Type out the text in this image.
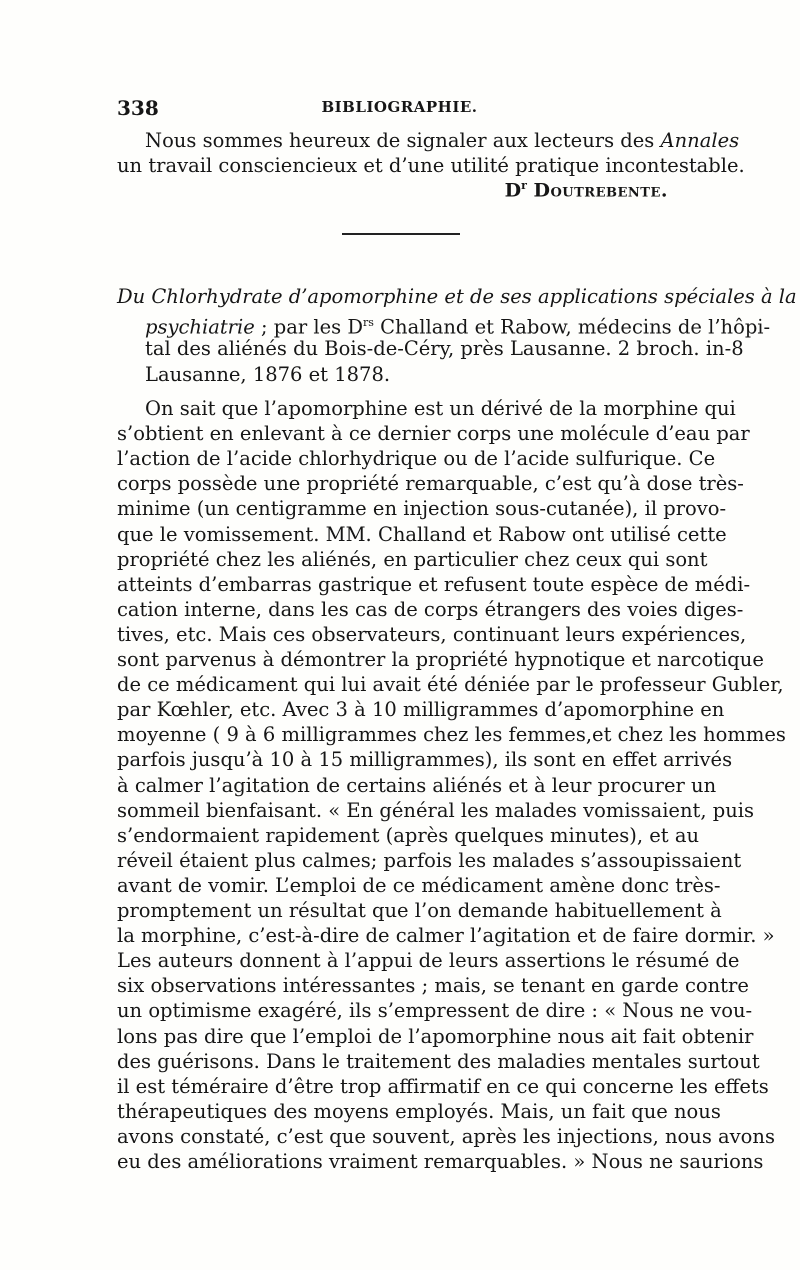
338	BIBLIOGRAPHIE.
Nous sommes heureux de signaler aux lecteurs des Annales
un travail consciencieux et d’une utilité pratique incontestable.
$D^r$ Doutrebente.
Du Chlorhydrate d’apomorphine et de ses applications spéciales à la
psychiatrie ; par les $D^{rs}$ Challand et Rabow, médecins de l’hôpi-
tal des aliénés du Bois-de-Céry, près Lausanne. 2 broch. in-8
Lausanne, 1876 et 1878.
On sait que l’apomorphine est un dérivé de la morphine qui
s’obtient en enlevant à ce dernier corps une molécule d’eau par
l’action de l’acide chlorhydrique ou de l’acide sulfurique. Ce
corps possède une propriété remarquable, c’est qu’à dose très-
minime (un centigramme en injection sous-cutanée), il provo-
que le vomissement. MM. Challand et Rabow ont utilisé cette
propriété chez les aliénés, en particulier chez ceux qui sont
atteints d’embarras gastrique et refusent toute espèce de médi-
cation interne, dans les cas de corps étrangers des voies diges-
tives, etc. Mais ces observateurs, continuant leurs expériences,
sont parvenus à démontrer la propriété hypnotique et narcotique
de ce médicament qui lui avait été déniée par le professeur Gubler,
par Kœhler, etc. Avec 3 à 10 milligrammes d’apomorphine en
moyenne ( 9 à 6 milligrammes chez les femmes,et chez les hommes
parfois jusqu’à 10 à 15 milligrammes), ils sont en effet arrivés
à calmer l’agitation de certains aliénés et à leur procurer un
sommeil bienfaisant. « En général les malades vomissaient, puis
s’endormaient rapidement (après quelques minutes), et au
réveil étaient plus calmes; parfois les malades s’assoupissaient
avant de vomir. L’emploi de ce médicament amène donc très-
promptement un résultat que l’on demande habituellement à
la morphine, c’est-à-dire de calmer l’agitation et de faire dormir. »
Les auteurs donnent à l’appui de leurs assertions le résumé de
six observations intéressantes ; mais, se tenant en garde contre
un optimisme exagéré, ils s’empressent de dire : « Nous ne vou-
lons pas dire que l’emploi de l’apomorphine nous ait fait obtenir
des guérisons. Dans le traitement des maladies mentales surtout
il est téméraire d’être trop affirmatif en ce qui concerne les effets
thérapeutiques des moyens employés. Mais, un fait que nous
avons constaté, c’est que souvent, après les injections, nous avons
eu des améliorations vraiment remarquables. » Nous ne saurions
